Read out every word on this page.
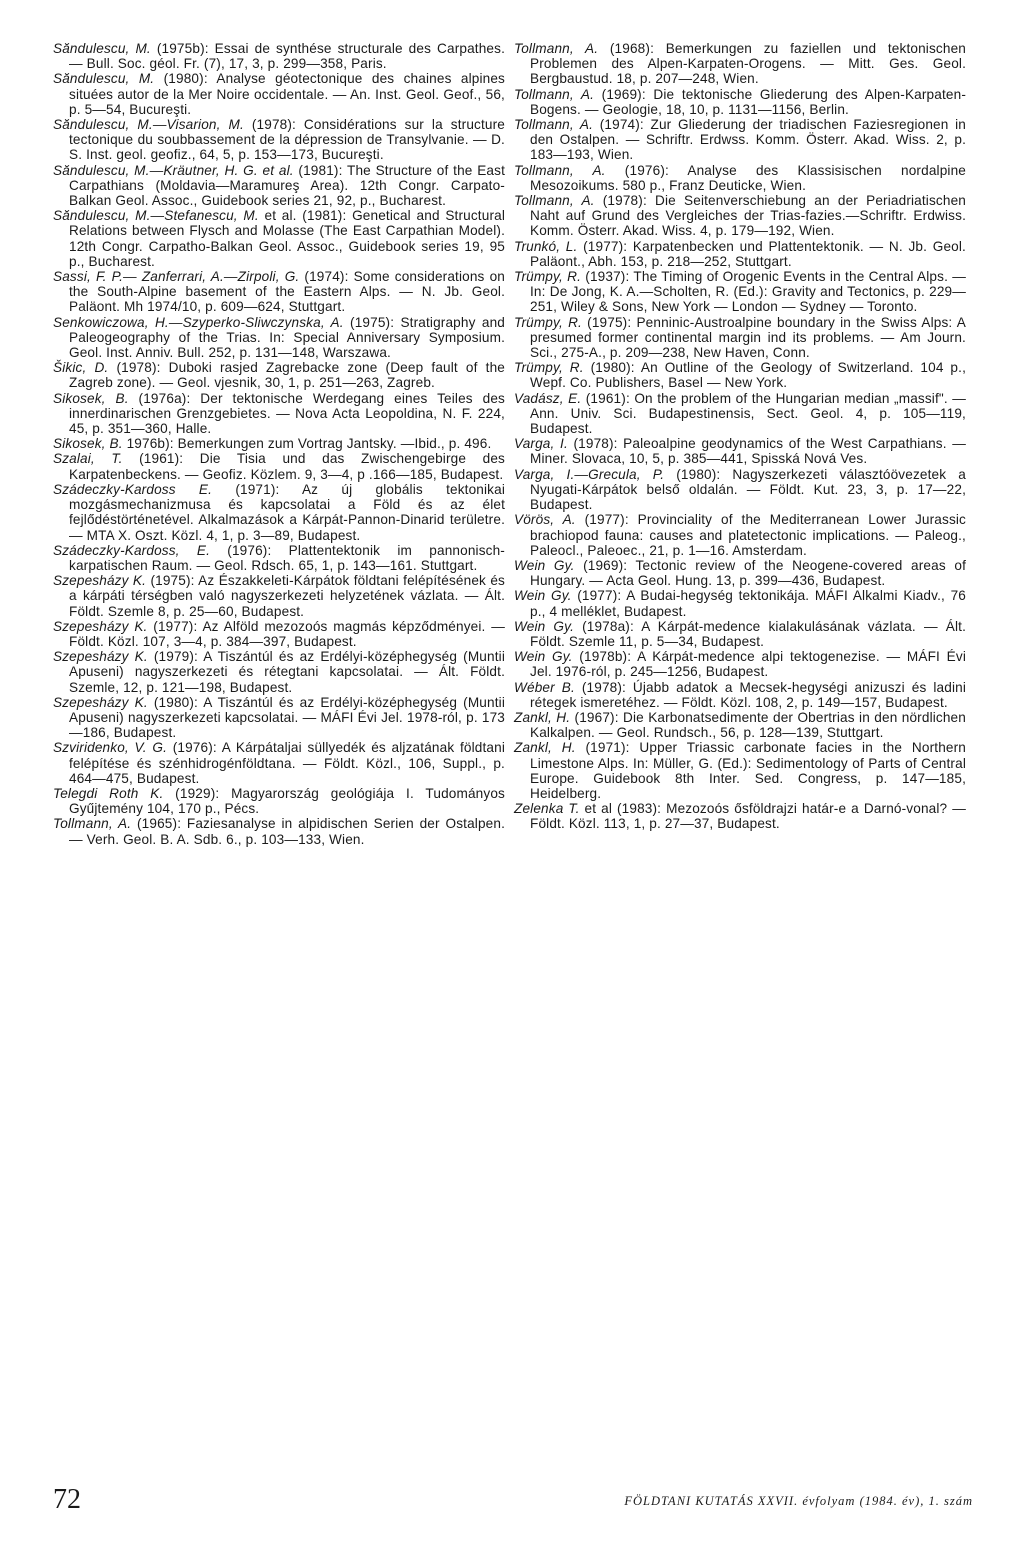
Săndulescu, M. (1975b): Essai de synthése structurale des Carpathes. — Bull. Soc. géol. Fr. (7), 17, 3, p. 299—358, Paris.

Săndulescu, M. (1980): Analyse géotectonique des chaines alpines situées autor de la Mer Noire occidentale. — An. Inst. Geol. Geof., 56, p. 5—54, Bucureşti.

Săndulescu, M.—Visarion, M. (1978): Considérations sur la structure tectonique du soubbassement de la dépression de Transylvanie. — D. S. Inst. geol. geofiz., 64, 5, p. 153—173, Bucureşti.

Săndulescu, M.—Kräutner, H. G. et al. (1981): The Structure of the East Carpathians (Moldavia—Maramureş Area). 12th Congr. Carpato-Balkan Geol. Assoc., Guidebook series 21, 92, p., Bucharest.

Săndulescu, M.—Stefanescu, M. et al. (1981): Genetical and Structural Relations between Flysch and Molasse (The East Carpathian Model). 12th Congr. Carpatho-Balkan Geol. Assoc., Guidebook series 19, 95 p., Bucharest.

Sassi, F. P.— Zanferrari, A.—Zirpoli, G. (1974): Some considerations on the South-Alpine basement of the Eastern Alps. — N. Jb. Geol. Paläont. Mh 1974/10, p. 609—624, Stuttgart.

Senkowiczowa, H.—Szyperko-Sliwczynska, A. (1975): Stratigraphy and Paleogeography of the Trias. In: Special Anniversary Symposium. Geol. Inst. Anniv. Bull. 252, p. 131—148, Warszawa.

Šikic, D. (1978): Duboki rasjed Zagrebacke zone (Deep fault of the Zagreb zone). — Geol. vjesnik, 30, 1, p. 251—263, Zagreb.

Sikosek, B. (1976a): Der tektonische Werdegang eines Teiles des innerdinarischen Grenzgebietes. — Nova Acta Leopoldina, N. F. 224, 45, p. 351—360, Halle.

Sikosek, B. 1976b): Bemerkungen zum Vortrag Jantsky. —Ibid., p. 496.

Szalai, T. (1961): Die Tisia und das Zwischengebirge des Karpatenbeckens. — Geofiz. Közlem. 9, 3—4, p .166—185, Budapest.

Szádeczky-Kardoss E. (1971): Az új globális tektonikai mozgásmechanizmusa és kapcsolatai a Föld és az élet fejlődéstörténetével. Alkalmazások a Kárpát-Pannon-Dinarid területre. — MTA X. Oszt. Közl. 4, 1, p. 3—89, Budapest.

Szádeczky-Kardoss, E. (1976): Plattentektonik im pannonisch-karpatischen Raum. — Geol. Rdsch. 65, 1, p. 143—161. Stuttgart.

Szepesházy K. (1975): Az Északkeleti-Kárpátok földtani felépítésének és a kárpáti térségben való nagyszerkezeti helyzetének vázlata. — Ált. Földt. Szemle 8, p. 25—60, Budapest.

Szepesházy K. (1977): Az Alföld mezozoós magmás képződményei. — Földt. Közl. 107, 3—4, p. 384—397, Budapest.

Szepesházy K. (1979): A Tiszántúl és az Erdélyi-középhegység (Muntii Apuseni) nagyszerkezeti és rétegtani kapcsolatai. — Ált. Földt. Szemle, 12, p. 121—198, Budapest.

Szepesházy K. (1980): A Tiszántúl és az Erdélyi-középhegység (Muntii Apuseni) nagyszerkezeti kapcsolatai. — MÁFI Évi Jel. 1978-ról, p. 173—186, Budapest.

Szviridenko, V. G. (1976): A Kárpátaljai süllyedék és aljzatának földtani felépítése és szénhidrogénföldtana. — Földt. Közl., 106, Suppl., p. 464—475, Budapest.

Telegdi Roth K. (1929): Magyarország geológiája I. Tudományos Gyűjtemény 104, 170 p., Pécs.

Tollmann, A. (1965): Faziesanalyse in alpidischen Serien der Ostalpen. — Verh. Geol. B. A. Sdb. 6., p. 103—133, Wien.

Tollmann, A. (1968): Bemerkungen zu faziellen und tektonischen Problemen des Alpen-Karpaten-Orogens. — Mitt. Ges. Geol. Bergbaustud. 18, p. 207—248, Wien.

Tollmann, A. (1969): Die tektonische Gliederung des Alpen-Karpaten-Bogens. — Geologie, 18, 10, p. 1131—1156, Berlin.

Tollmann, A. (1974): Zur Gliederung der triadischen Faziesregionen in den Ostalpen. — Schriftr. Erdwss. Komm. Österr. Akad. Wiss. 2, p. 183—193, Wien.

Tollmann, A. (1976): Analyse des Klassisischen nordalpine Mesozoikums. 580 p., Franz Deuticke, Wien.

Tollmann, A. (1978): Die Seitenverschiebung an der Periadriatischen Naht auf Grund des Vergleiches der Trias-fazies.—Schriftr. Erdwiss. Komm. Österr. Akad. Wiss. 4, p. 179—192, Wien.

Trunkó, L. (1977): Karpatenbecken und Plattentektonik. — N. Jb. Geol. Paläont., Abh. 153, p. 218—252, Stuttgart.

Trümpy, R. (1937): The Timing of Orogenic Events in the Central Alps. — In: De Jong, K. A.—Scholten, R. (Ed.): Gravity and Tectonics, p. 229—251, Wiley & Sons, New York — London — Sydney — Toronto.

Trümpy, R. (1975): Penninic-Austroalpine boundary in the Swiss Alps: A presumed former continental margin ind its problems. — Am Journ. Sci., 275-A., p. 209—238, New Haven, Conn.

Trümpy, R. (1980): An Outline of the Geology of Switzerland. 104 p., Wepf. Co. Publishers, Basel — New York.

Vadász, E. (1961): On the problem of the Hungarian median „massif". — Ann. Univ. Sci. Budapestinensis, Sect. Geol. 4, p. 105—119, Budapest.

Varga, I. (1978): Paleoalpine geodynamics of the West Carpathians. — Miner. Slovaca, 10, 5, p. 385—441, Spisská Nová Ves.

Varga, I.—Grecula, P. (1980): Nagyszerkezeti választóövezetek a Nyugati-Kárpátok belső oldalán. — Földt. Kut. 23, 3, p. 17—22, Budapest.

Vörös, A. (1977): Provinciality of the Mediterranean Lower Jurassic brachiopod fauna: causes and platetectonic implications. — Paleog., Paleocl., Paleoec., 21, p. 1—16. Amsterdam.

Wein Gy. (1969): Tectonic review of the Neogene-covered areas of Hungary. — Acta Geol. Hung. 13, p. 399—436, Budapest.

Wein Gy. (1977): A Budai-hegység tektonikája. MÁFI Alkalmi Kiadv., 76 p., 4 melléklet, Budapest.

Wein Gy. (1978a): A Kárpát-medence kialakulásának vázlata. — Ált. Földt. Szemle 11, p. 5—34, Budapest.

Wein Gy. (1978b): A Kárpát-medence alpi tektogenezise. — MÁFI Évi Jel. 1976-ról, p. 245—1256, Budapest.

Wéber B. (1978): Újabb adatok a Mecsek-hegységi anizuszi és ladini rétegek ismeretéhez. — Földt. Közl. 108, 2, p. 149—157, Budapest.

Zankl, H. (1967): Die Karbonatsedimente der Obertrias in den nördlichen Kalkalpen. — Geol. Rundsch., 56, p. 128—139, Stuttgart.

Zankl, H. (1971): Upper Triassic carbonate facies in the Northern Limestone Alps. In: Müller, G. (Ed.): Sedimentology of Parts of Central Europe. Guidebook 8th Inter. Sed. Congress, p. 147—185, Heidelberg.

Zelenka T. et al (1983): Mezozoós ősföldrajzi határ-e a Darnó-vonal? — Földt. Közl. 113, 1, p. 27—37, Budapest.

72	FÖLDTANI KUTATÁS XXVII. évfolyam (1984. év), 1. szám
